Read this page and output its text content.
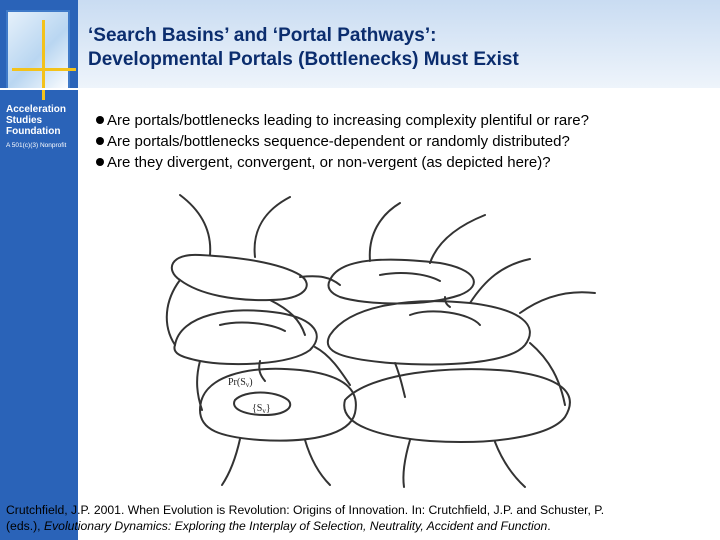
Acceleration
Studies
Foundation
A 501(c)(3) Nonprofit
‘Search Basins’ and ‘Portal Pathways’:
Developmental Portals (Bottlenecks) Must Exist
Are portals/bottlenecks leading to increasing complexity plentiful or rare?
Are portals/bottlenecks sequence-dependent or randomly distributed?
Are they divergent, convergent, or non-vergent (as depicted here)?
$Pr(S_v)$
$\{S_v\}$
Crutchfield, J.P. 2001. When Evolution is Revolution: Origins of Innovation. In: Crutchfield, J.P. and Schuster, P.
(eds.), Evolutionary Dynamics: Exploring the Interplay of Selection, Neutrality, Accident and Function.
